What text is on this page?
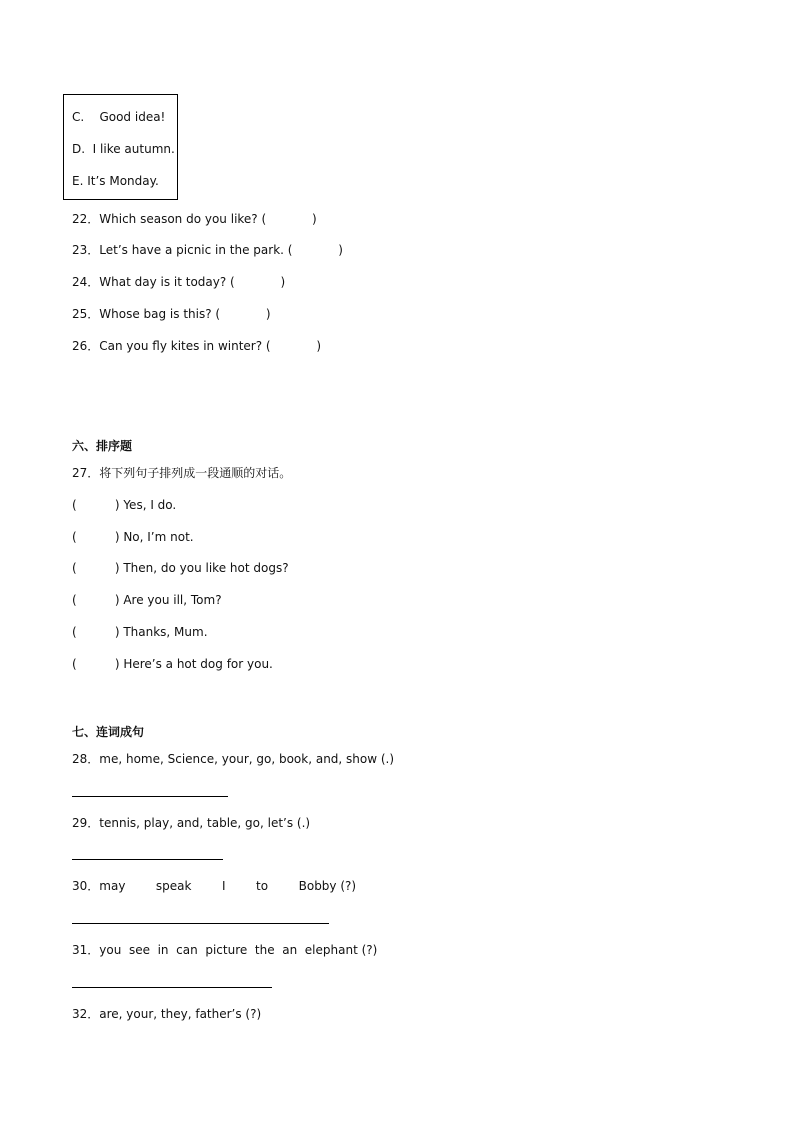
C.    Good idea!
D.  I like autumn.
E. It’s Monday.
22．Which season do you like? (            )
23．Let’s have a picnic in the park. (            )
24．What day is it today? (            )
25．Whose bag is this? (            )
26．Can you fly kites in winter? (            )
六、排序题
27．将下列句子排列成一段通顺的对话。
(          ) Yes, I do.
(          ) No, I’m not.
(          ) Then, do you like hot dogs?
(          ) Are you ill, Tom?
(          ) Thanks, Mum.
(          ) Here’s a hot dog for you.
七、连词成句
28．me, home, Science, your, go, book, and, show (.)
29．tennis, play, and, table, go, let’s (.)
30．may        speak        I        to        Bobby (?)
31．you  see  in  can  picture  the  an  elephant (?)
32．are, your, they, father’s (?)
